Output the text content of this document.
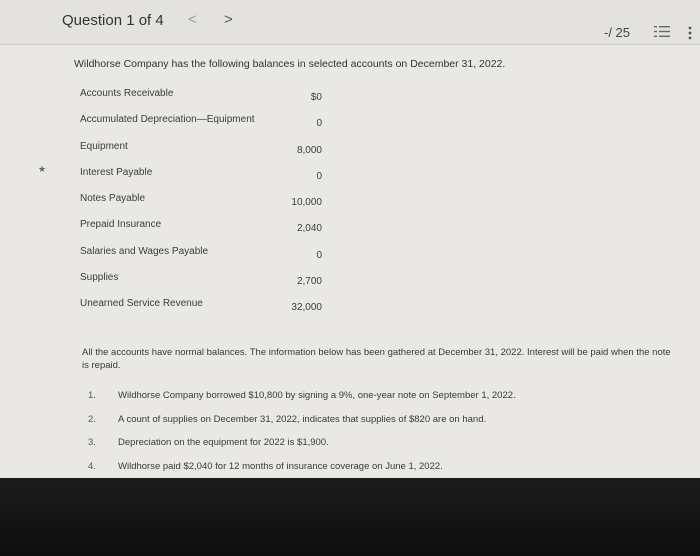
Question 1 of 4 < >
-/ 25
Wildhorse Company has the following balances in selected accounts on December 31, 2022.
★
Accounts Receivable	$0
Accumulated Depreciation—Equipment	0
Equipment	8,000
Interest Payable	0
Notes Payable	10,000
Prepaid Insurance	2,040
Salaries and Wages Payable	0
Supplies	2,700
Unearned Service Revenue	32,000
All the accounts have normal balances. The information below has been gathered at December 31, 2022. Interest will be paid when the note is repaid.
1. Wildhorse Company borrowed $10,800 by signing a 9%, one-year note on September 1, 2022.
2. A count of supplies on December 31, 2022, indicates that supplies of $820 are on hand.
3. Depreciation on the equipment for 2022 is $1,900.
4. Wildhorse paid $2,040 for 12 months of insurance coverage on June 1, 2022.
